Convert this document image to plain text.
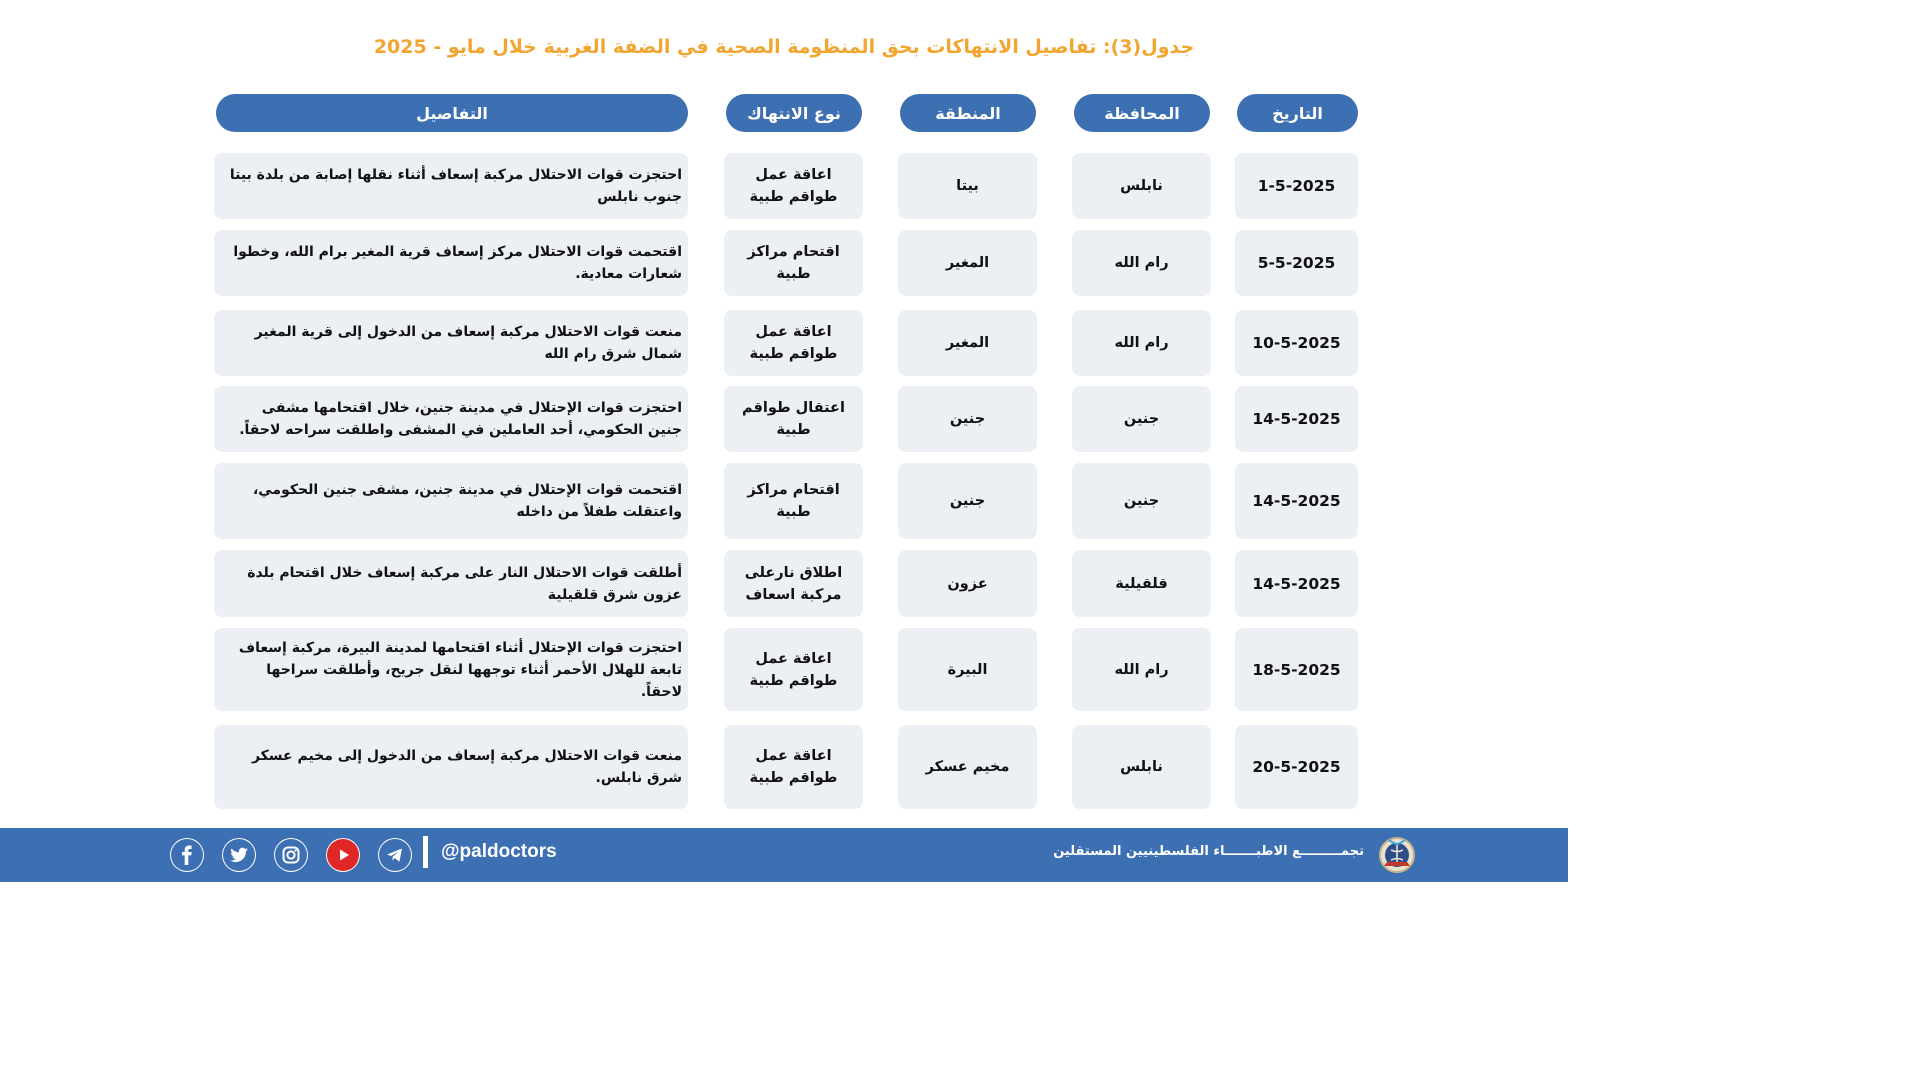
جدول(3): تفاصيل الانتهاكات بحق المنظومة الصحية في الضفة الغربية خلال مايو - 2025
التاريخ
المحافظة
المنطقة
نوع الانتهاك
التفاصيل
1-5-2025
نابلس
بيتا
اعاقة عمل طواقم طبية
احتجزت قوات الاحتلال مركبة إسعاف أثناء نقلها إصابة من بلدة بيتا جنوب نابلس
5-5-2025
رام الله
المغير
اقتحام مراكز طبية
اقتحمت قوات الاحتلال مركز إسعاف قرية المغير برام الله، وخطوا شعارات معادية.
10-5-2025
رام الله
المغير
اعاقة عمل طواقم طبية
منعت قوات الاحتلال مركبة إسعاف من الدخول إلى قرية المغير شمال شرق رام الله
14-5-2025
جنين
جنين
اعتقال طواقم طبية
احتجزت قوات الإحتلال في مدينة جنين، خلال اقتحامها مشفى جنين الحكومي، أحد العاملين في المشفى واطلقت سراحه لاحقاً.
14-5-2025
جنين
جنين
اقتحام مراكز طبية
اقتحمت قوات الإحتلال في مدينة جنين، مشفى جنين الحكومي، واعتقلت طفلاً من داخله
14-5-2025
قلقيلية
عزون
اطلاق نارعلى مركبة اسعاف
أطلقت قوات الاحتلال النار على مركبة إسعاف خلال اقتحام بلدة عزون شرق قلقيلية
18-5-2025
رام الله
البيرة
اعاقة عمل طواقم طبية
احتجزت قوات الإحتلال أثناء اقتحامها لمدينة البيرة، مركبة إسعاف تابعة للهلال الأحمر أثناء توجهها لنقل جريح، وأطلقت سراحها لاحقاً.
20-5-2025
نابلس
مخيم عسكر
اعاقة عمل طواقم طبية
منعت قوات الاحتلال مركبة إسعاف من الدخول إلى مخيم عسكر شرق نابلس.
@paldoctors	تجمـــــــــع الاطبـــــــاء الفلسطينيين المستقلين
